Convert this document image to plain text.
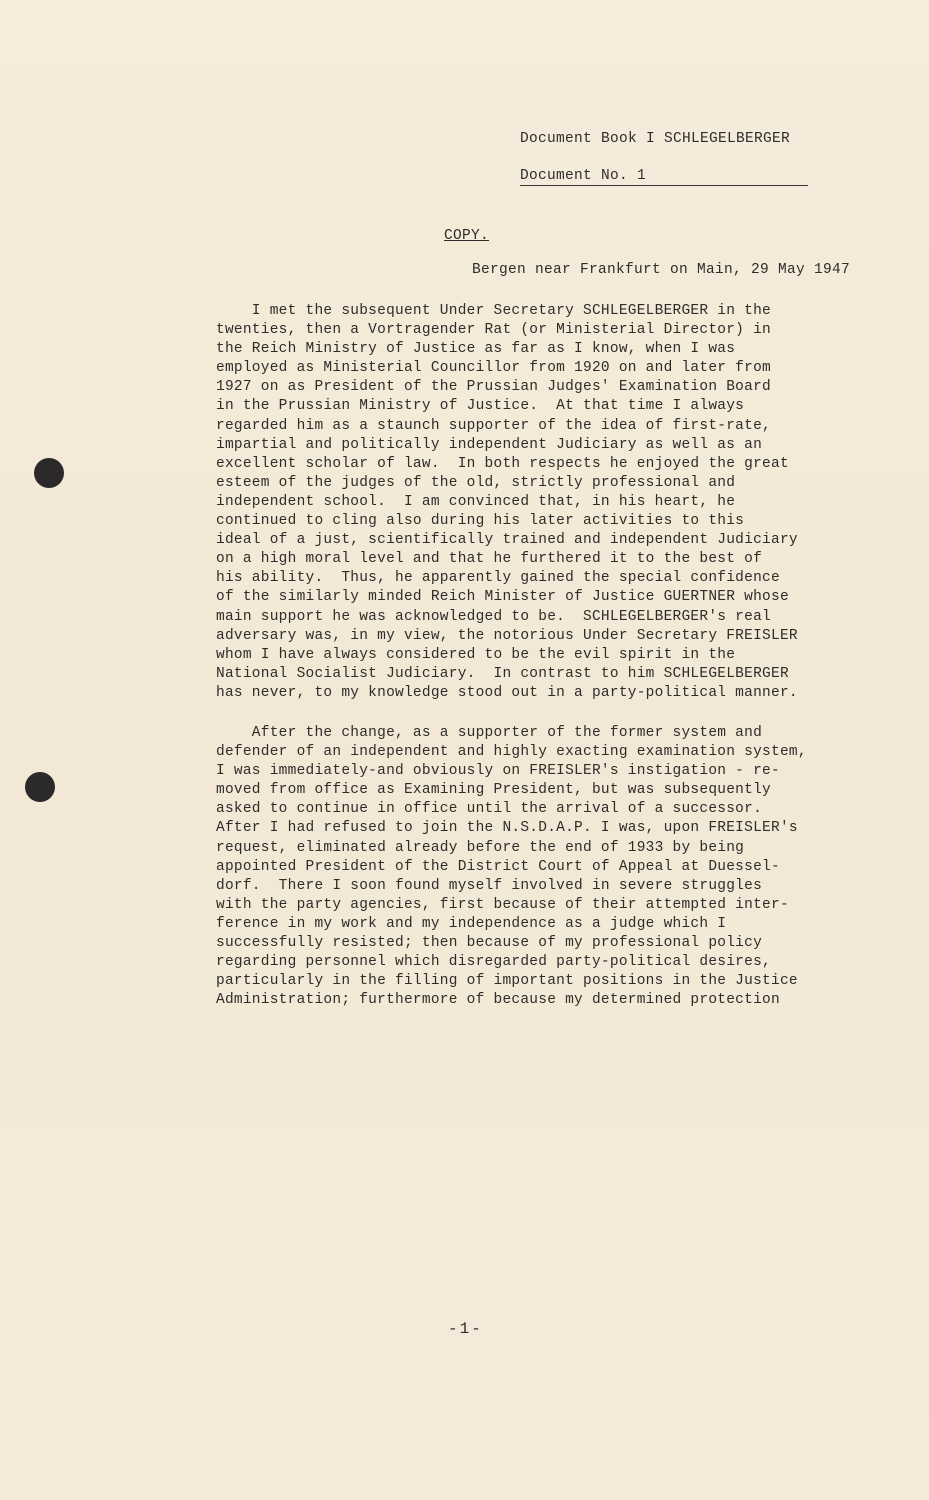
Document Book I SCHLEGELBERGER
Document No. 1
COPY.
Bergen near Frankfurt on Main, 29 May 1947
I met the subsequent Under Secretary SCHLEGELBERGER in the
twenties, then a Vortragender Rat (or Ministerial Director) in
the Reich Ministry of Justice as far as I know, when I was
employed as Ministerial Councillor from 1920 on and later from
1927 on as President of the Prussian Judges' Examination Board
in the Prussian Ministry of Justice.  At that time I always
regarded him as a staunch supporter of the idea of first-rate,
impartial and politically independent Judiciary as well as an
excellent scholar of law.  In both respects he enjoyed the great
esteem of the judges of the old, strictly professional and
independent school.  I am convinced that, in his heart, he
continued to cling also during his later activities to this
ideal of a just, scientifically trained and independent Judiciary
on a high moral level and that he furthered it to the best of
his ability.  Thus, he apparently gained the special confidence
of the similarly minded Reich Minister of Justice GUERTNER whose
main support he was acknowledged to be.  SCHLEGELBERGER's real
adversary was, in my view, the notorious Under Secretary FREISLER
whom I have always considered to be the evil spirit in the
National Socialist Judiciary.  In contrast to him SCHLEGELBERGER
has never, to my knowledge stood out in a party-political manner.
After the change, as a supporter of the former system and
defender of an independent and highly exacting examination system,
I was immediately-and obviously on FREISLER's instigation - re-
moved from office as Examining President, but was subsequently
asked to continue in office until the arrival of a successor.
After I had refused to join the N.S.D.A.P. I was, upon FREISLER's
request, eliminated already before the end of 1933 by being
appointed President of the District Court of Appeal at Duessel-
dorf.  There I soon found myself involved in severe struggles
with the party agencies, first because of their attempted inter-
ference in my work and my independence as a judge which I
successfully resisted; then because of my professional policy
regarding personnel which disregarded party-political desires,
particularly in the filling of important positions in the Justice
Administration; furthermore of because my determined protection
-1-
